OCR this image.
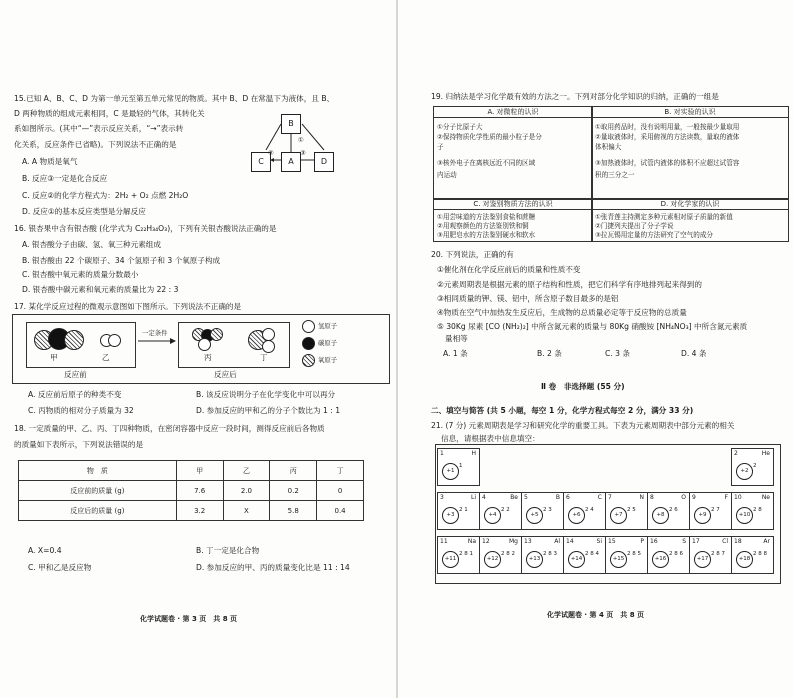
15.已知 A、B、C、D 为第一单元至第五单元常见的物质。其中 B、D 在常温下为液体，且 B、
D 两种物质的组成元素相同，C 是最轻的气体，其转化关
系如图所示。(其中“—”表示反应关系，“→”表示转
化关系，反应条件已省略)。下列说法不正确的是
A. A 物质是氧气
B. 反应③一定是化合反应
C. 反应②的化学方程式为：2H₂ + O₂ 点燃 2H₂O
D. 反应①的基本反应类型是分解反应
B
C	A	D
①
②	③
16. 银杏果中含有银杏酸 (化学式为 C₂₂H₃₄O₃)，下列有关银杏酸说法正确的是
A. 银杏酸分子由碳、氢、氧三种元素组成
B. 银杏酸由 22 个碳原子、34 个氢原子和 3 个氧原子构成
C. 银杏酸中氧元素的质量分数最小
D. 银杏酸中碳元素和氧元素的质量比为 22 : 3
17. 某化学反应过程的微观示意图如下图所示。下列说法不正确的是
甲	乙
反应前
一定条件
丙	丁
反应后
氢原子
碳原子
氧原子
A. 反应前后原子的种类不变	B. 该反应说明分子在化学变化中可以再分
C. 丙物质的相对分子质量为 32	D. 参加反应的甲和乙的分子个数比为 1 : 1
18. 一定质量的甲、乙、丙、丁四种物质，在密闭容器中反应一段时间，测得反应前后各物质
的质量如下表所示，下列说法错误的是
物　质	甲	乙	丙	丁
反应前的质量 (g)	7.6	2.0	0.2	0
反应后的质量 (g)	3.2	X	5.8	0.4
A. X=0.4	B. 丁一定是化合物
C. 甲和乙是反应物	D. 参加反应的甲、丙的质量变化比是 11 : 14
化学试题卷 · 第 3 页　共 8 页
19. 归纳法是学习化学最有效的方法之一。下列对部分化学知识的归纳，正确的一组是
A. 对微粒的认识
①分子比原子大
②保持物质化学性质的最小粒子是分
子
③核外电子在离核远近不同的区域
内运动
B. 对实验的认识
①取用药品时，没有说明用量，一般按最少量取用
②量取液体时，采用俯视的方法读数，量取的液体
体积偏大
③加热液体时，试管内液体的体积不应超过试管容
积的三分之一
C. 对鉴别物质方法的认识
①用尝味道的方法鉴别食盐和蔗糖
②用观察颜色的方法鉴别铁和铜
③用肥皂水的方法鉴别硬水和软水
D. 对化学家的认识
①张青莲主持测定多种元素相对原子质量的新值
②门捷列夫提出了分子学说
③拉瓦锡用定量的方法研究了空气的成分
20. 下列说法，正确的有
①催化剂在化学反应前后的质量和性质不变
②元素周期表是根据元素的原子结构和性质，把它们科学有序地排列起来得到的
③相同质量的钾、镁、铝中，所含原子数目最多的是铝
④物质在空气中加热发生反应后，生成物的总质量必定等于反应物的总质量
⑤ 30Kg 尿素 [CO (NH₂)₂] 中所含氮元素的质量与 80Kg 硝酸铵 [NH₄NO₃] 中所含氮元素质
量相等
A. 1 条	B. 2 条	C. 3 条	D. 4 条
Ⅱ 卷　非选择题 (55 分)
二、填空与简答 (共 5 小题，每空 1 分，化学方程式每空 2 分，满分 33 分)
21. (7 分) 元素周期表是学习和研究化学的重要工具。下表为元素周期表中部分元素的相关
信息，请根据表中信息填空：
1	H
+1
1
2	He
+2
2
3	Li
+3
2 1
4	Be
+4
2 2
5	B
+5
2 3
6	C
+6
2 4
7	N
+7
2 5
8	O
+8
2 6
9	F
+9
2 7
10	Ne
+10
2 8
11	Na
+11
2 8 1
12	Mg
+12
2 8 2
13	Al
+13
2 8 3
14	Si
+14
2 8 4
15	P
+15
2 8 5
16	S
+16
2 8 6
17	Cl
+17
2 8 7
18	Ar
+18
2 8 8
化学试题卷 · 第 4 页　共 8 页
